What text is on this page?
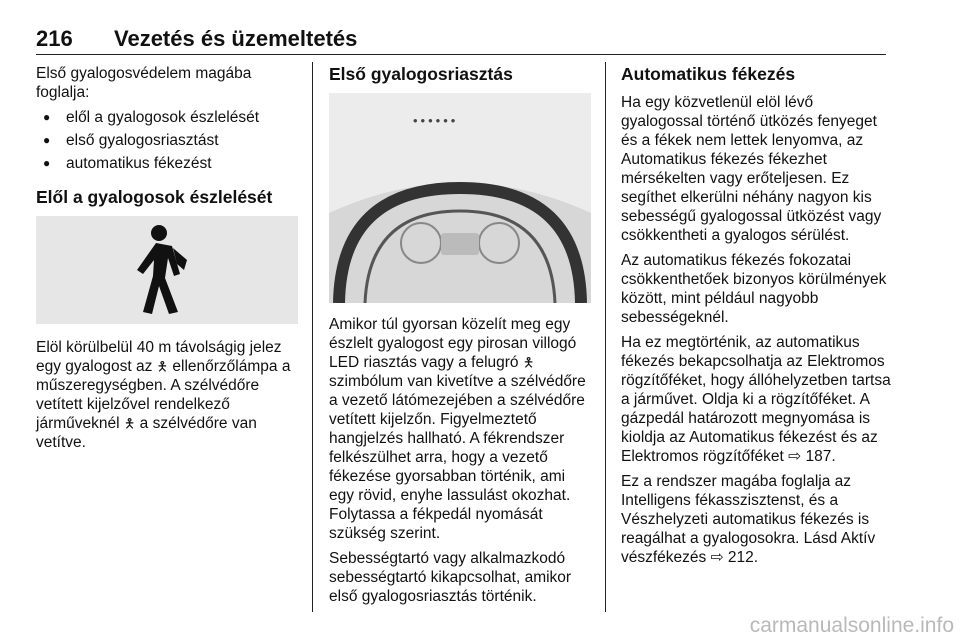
216	Vezetés és üzemeltetés

Első gyalogosvédelem magába foglalja:

● elől a gyalogosok észlelését
● első gyalogosriasztást
● automatikus fékezést
Elől a gyalogosok észlelését

Elöl körülbelül 40 m távolságig jelez egy gyalogost az 🯅 ellenőrzőlámpa a műszeregységben. A szélvédőre vetített kijelzővel rendelkező járműveknél 🯅 a szélvédőre van vetítve.

Első gyalogosriasztás
••••••

Amikor túl gyorsan közelít meg egy észlelt gyalogost egy pirosan villogó LED riasztás vagy a felugró 🯅 szimbólum van kivetítve a szélvédőre a vezető látómezejében a szélvédőre vetített kijelzőn. Figyelmeztető hangjelzés hallható. A fékrendszer felkészülhet arra, hogy a vezető fékezése gyorsabban történik, ami egy rövid, enyhe lassulást okozhat. Folytassa a fékpedál nyomását szükség szerint.

Sebességtartó vagy alkalmazkodó sebességtartó kikapcsolhat, amikor első gyalogosriasztás történik.

Automatikus fékezés

Ha egy közvetlenül elöl lévő gyalogossal történő ütközés fenyeget és a fékek nem lettek lenyomva, az Automatikus fékezés fékezhet mérsékelten vagy erőteljesen. Ez segíthet elkerülni néhány nagyon kis sebességű gyalogossal ütközést vagy csökkentheti a gyalogos sérülést.

Az automatikus fékezés fokozatai csökkenthetőek bizonyos körülmények között, mint például nagyobb sebességeknél.

Ha ez megtörténik, az automatikus fékezés bekapcsolhatja az Elektromos rögzítőféket, hogy állóhelyzetben tartsa a járművet. Oldja ki a rögzítőféket. A gázpedál határozott megnyomása is kioldja az Automatikus fékezést és az Elektromos rögzítőféket ⇨ 187.

Ez a rendszer magába foglalja az Intelligens fékasszisztenst, és a Vészhelyzeti automatikus fékezés is reagálhat a gyalogosokra. Lásd Aktív vészfékezés ⇨ 212.

carmanualsonline.info
